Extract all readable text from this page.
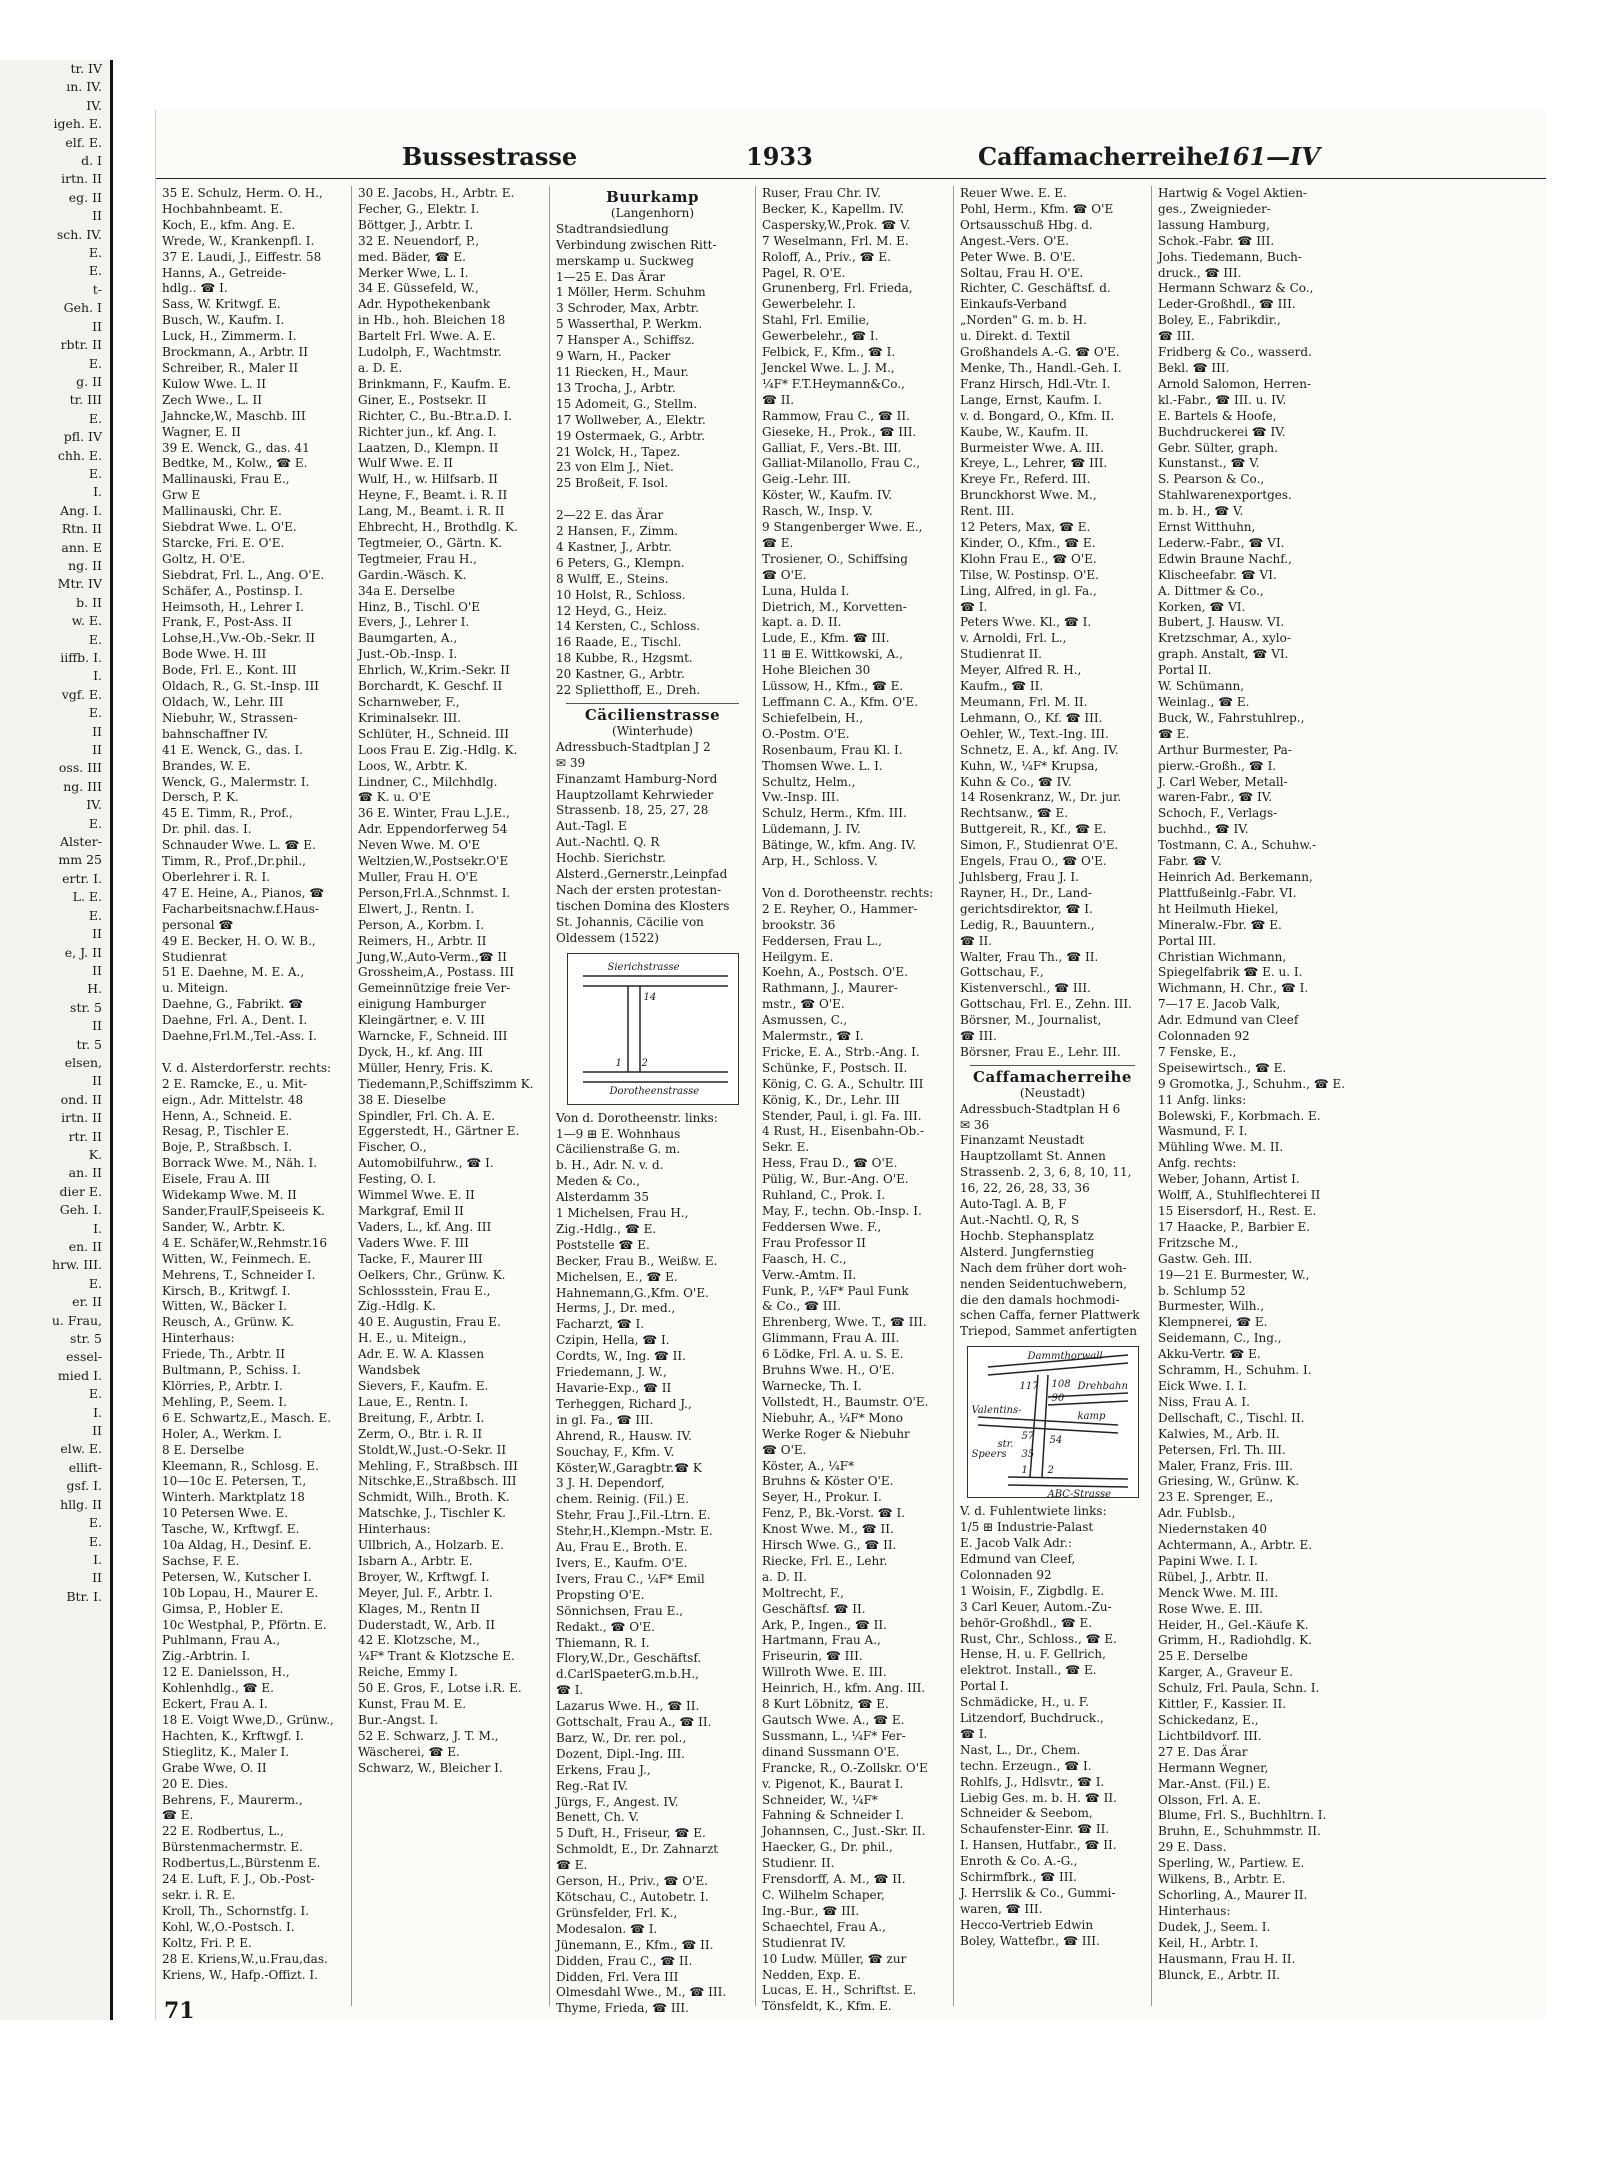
tr. IV
ın. IV.
IV.
igeh. E.
elf. E.
d. I
irtn. II
eg. II
II
sch. IV.
E.
E.
t-
Geh. I
II
rbtr. II
E.
g. II
tr. III
E.
pfl. IV
chh. E.
E.
I.
Ang. I.
Rtn. II
ann. E
ng. II
Mtr. IV
b. II
w. E.
E.
iiffb. I.
I.
vgf. E.
E.
II
II
oss. III
ng. III
IV.
E.
Alster-
mm 25
ertr. I.
L. E.
E.
II
e, J. II
II
H.
str. 5
II
tr. 5
elsen,
II
ond. II
irtn. II
rtr. II
K.
an. II
dier E.
Geh. I.
I.
en. II
hrw. III.
E.
er. II
u. Frau,
str. 5
essel-
mied I.
E.
I.
II
elw. E.
ellift-
gsf. I.
hllg. II
E.
E.
I.
II
Btr. I.
Bussestrasse	1933	Caffamacherreihe
161—IV
35 E. Schulz, Herm. O. H.,
Hochbahnbeamt. E.
Koch, E., kfm. Ang. E.
Wrede, W., Krankenpfl. I.
37 E. Laudi, J., Eiffestr. 58
Hanns, A., Getreide-
hdlg.. ☎ I.
Sass, W. Kritwgf. E.
Busch, W., Kaufm. I.
Luck, H., Zimmerm. I.
Brockmann, A., Arbtr. II
Schreiber, R., Maler II
Kulow Wwe. L. II
Zech Wwe., L. II
Jahncke,W., Maschb. III
Wagner, E. II
39 E. Wenck, G., das. 41
Bedtke, M., Kolw., ☎ E.
Mallinauski, Frau E.,
Grw E
Mallinauski, Chr. E.
Siebdrat Wwe. L. O'E.
Starcke, Fri. E. O'E.
Goltz, H. O'E.
Siebdrat, Frl. L., Ang. O'E.
Schäfer, A., Postinsp. I.
Heimsoth, H., Lehrer I.
Frank, F., Post-Ass. II
Lohse,H.,Vw.-Ob.-Sekr. II
Bode Wwe. H. III
Bode, Frl. E., Kont. III
Oldach, R., G. St.-Insp. III
Oldach, W., Lehr. III
Niebuhr, W., Strassen-
bahnschaffner IV.
41 E. Wenck, G., das. I.
Brandes, W. E.
Wenck, G., Malermstr. I.
Dersch, P. K.
45 E. Timm, R., Prof.,
Dr. phil. das. I.
Schnauder Wwe. L. ☎ E.
Timm, R., Prof.,Dr.phil.,
Oberlehrer i. R. I.
47 E. Heine, A., Pianos, ☎
Facharbeitsnachw.f.Haus-
personal ☎
49 E. Becker, H. O. W. B.,
Studienrat
51 E. Daehne, M. E. A.,
u. Miteign.
Daehne, G., Fabrikt. ☎
Daehne, Frl. A., Dent. I.
Daehne,Frl.M.,Tel.-Ass. I.

V. d. Alsterdorferstr. rechts:
2 E. Ramcke, E., u. Mit-
eign., Adr. Mittelstr. 48
Henn, A., Schneid. E.
Resag, P., Tischler E.
Boje, P., Straßbsch. I.
Borrack Wwe. M., Näh. I.
Eisele, Frau A. III
Widekamp Wwe. M. II
Sander,FraulF,Speiseeis K.
Sander, W., Arbtr. K.
4 E. Schäfer,W.,Rehmstr.16
Witten, W., Feinmech. E.
Mehrens, T., Schneider I.
Kirsch, B., Kritwgf. I.
Witten, W., Bäcker I.
Reusch, A., Grünw. K.
Hinterhaus:
Friede, Th., Arbtr. II
Bultmann, P., Schiss. I.
Klörries, P., Arbtr. I.
Mehling, P., Seem. I.
6 E. Schwartz,E., Masch. E.
Holer, A., Werkm. I.
8 E. Derselbe
Kleemann, R., Schlosg. E.
10—10c E. Petersen, T.,
Winterh. Marktplatz 18
10 Petersen Wwe. E.
Tasche, W., Krftwgf. E.
10a Aldag, H., Desinf. E.
Sachse, F. E.
Petersen, W., Kutscher I.
10b Lopau, H., Maurer E.
Gimsa, P., Hobler E.
10c Westphal, P., Pförtn. E.
Puhlmann, Frau A.,
Zig.-Arbtrin. I.
12 E. Danielsson, H.,
Kohlenhdlg., ☎ E.
Eckert, Frau A. I.
18 E. Voigt Wwe,D., Grünw.,
Hachten, K., Krftwgf. I.
Stieglitz, K., Maler I.
Grabe Wwe, O. II
20 E. Dies.
Behrens, F., Maurerm.,
☎ E.
22 E. Rodbertus, L.,
Bürstenmachermstr. E.
Rodbertus,L.,Bürstenm E.
24 E. Luft, F. J., Ob.-Post-
sekr. i. R. E.
Kroll, Th., Schornstfg. I.
Kohl, W.,O.-Postsch. I.
Koltz, Fri. P. E.
28 E. Kriens,W.,u.Frau,das.
Kriens, W., Hafp.-Offizt. I.
30 E. Jacobs, H., Arbtr. E.
Fecher, G., Elektr. I.
Böttger, J., Arbtr. I.
32 E. Neuendorf, P.,
med. Bäder, ☎ E.
Merker Wwe, L. I.
34 E. Güssefeld, W.,
Adr. Hypothekenbank
in Hb., hoh. Bleichen 18
Bartelt Frl. Wwe. A. E.
Ludolph, F., Wachtmstr.
a. D. E.
Brinkmann, F., Kaufm. E.
Giner, E., Postsekr. II
Richter, C., Bu.-Btr.a.D. I.
Richter jun., kf. Ang. I.
Laatzen, D., Klempn. II
Wulf Wwe. E. II
Wulf, H., w. Hilfsarb. II
Heyne, F., Beamt. i. R. II
Lang, M., Beamt. i. R. II
Ehbrecht, H., Brothdlg. K.
Tegtmeier, O., Gärtn. K.
Tegtmeier, Frau H.,
Gardin.-Wäsch. K.
34a E. Derselbe
Hinz, B., Tischl. O'E
Evers, J., Lehrer I.
Baumgarten, A.,
Just.-Ob.-Insp. I.
Ehrlich, W.,Krim.-Sekr. II
Borchardt, K. Geschf. II
Scharnweber, F.,
Kriminalsekr. III.
Schlüter, H., Schneid. III
Loos Frau E. Zig.-Hdlg. K.
Loos, W., Arbtr. K.
Lindner, C., Milchhdlg.
☎ K. u. O'E
36 E. Winter, Frau L.J.E.,
Adr. Eppendorferweg 54
Neven Wwe. M. O'E
Weltzien,W.,Postsekr.O'E
Muller, Frau H. O'E
Person,Frl.A.,Schnmst. I.
Elwert, J., Rentn. I.
Person, A., Korbm. I.
Reimers, H., Arbtr. II
Jung,W.,Auto-Verm.,☎ II
Grossheim,A., Postass. III
Gemeinnützige freie Ver-
einigung Hamburger
Kleingärtner, e. V. III
Warncke, F., Schneid. III
Dyck, H., kf. Ang. III
Müller, Henry, Fris. K.
Tiedemann,P.,Schiffszimm K.
38 E. Dieselbe
Spindler, Frl. Ch. A. E.
Eggerstedt, H., Gärtner E.
Fischer, O.,
Automobilfuhrw., ☎ I.
Festing, O. I.
Wimmel Wwe. E. II
Markgraf, Emil II
Vaders, L., kf. Ang. III
Vaders Wwe. F. III
Tacke, F., Maurer III
Oelkers, Chr., Grünw. K.
Schlossstein, Frau E.,
Zig.-Hdlg. K.
40 E. Augustin, Frau E.
H. E., u. Miteign.,
Adr. E. W. A. Klassen
Wandsbek
Sievers, F., Kaufm. E.
Laue, E., Rentn. I.
Breitung, F., Arbtr. I.
Zerm, O., Btr. i. R. II
Stoldt,W.,Just.-O-Sekr. II
Mehling, F., Straßbsch. III
Nitschke,E.,Straßbsch. III
Schmidt, Wilh., Broth. K.
Matschke, J., Tischler K.
Hinterhaus:
Ullbrich, A., Holzarb. E.
Isbarn A., Arbtr. E.
Broyer, W., Krftwgf. I.
Meyer, Jul. F., Arbtr. I.
Klages, M., Rentn II
Duderstadt, W., Arb. II
42 E. Klotzsche, M.,
¼F* Trant & Klotzsche E.
Reiche, Emmy I.
50 E. Gros, F., Lotse i.R. E.
Kunst, Frau M. E.
Bur.-Angst. I.
52 E. Schwarz, J. T. M.,
Wäscherei, ☎ E.
Schwarz, W., Bleicher I.
Buurkamp
(Langenhorn)
Stadtrandsiedlung
Verbindung zwischen Ritt-
merskamp u. Suckweg
1—25 E. Das Ärar
1 Möller, Herm. Schuhm
3 Schroder, Max, Arbtr.
5 Wasserthal, P. Werkm.
7 Hansper A., Schiffsz.
9 Warn, H., Packer
11 Riecken, H., Maur.
13 Trocha, J., Arbtr.
15 Adomeit, G., Stellm.
17 Wollweber, A., Elektr.
19 Ostermaek, G., Arbtr.
21 Wolck, H., Tapez.
23 von Elm J., Niet.
25 Broßeit, F. Isol.

2—22 E. das Ärar
2 Hansen, F., Zimm.
4 Kastner, J., Arbtr.
6 Peters, G., Klempn.
8 Wulff, E., Steins.
10 Holst, R., Schloss.
12 Heyd, G., Heiz.
14 Kersten, C., Schloss.
16 Raade, E., Tischl.
18 Kubbe, R., Hzgsmt.
20 Kastner, G., Arbtr.
22 Splietthoff, E., Dreh.
Cäcilienstrasse
(Winterhude)
Adressbuch-Stadtplan J 2
✉ 39
Finanzamt Hamburg-Nord
Hauptzollamt Kehrwieder
Strassenb. 18, 25, 27, 28
Aut.-Tagl. E
Aut.-Nachtl. Q. R
Hochb. Sierichstr.
Alsterd.,Gernerstr.,Leinpfad
Nach der ersten protestan-
tischen Domina des Klosters
St. Johannis, Cäcilie von
Oldessem (1522)
Sierichstrasse
14
1 2
Dorotheenstrasse
Von d. Dorotheenstr. links:
1—9 ⊞ E. Wohnhaus
Cäcilienstraße G. m.
b. H., Adr. N. v. d.
Meden & Co.,
Alsterdamm 35
1 Michelsen, Frau H.,
Zig.-Hdlg., ☎ E.
Poststelle ☎ E.
Becker, Frau B., Weißw. E.
Michelsen, E., ☎ E.
Hahnemann,G.,Kfm. O'E.
Herms, J., Dr. med.,
Facharzt, ☎ I.
Czipin, Hella, ☎ I.
Cordts, W., Ing. ☎ II.
Friedemann, J. W.,
Havarie-Exp., ☎ II
Terheggen, Richard J.,
in gl. Fa., ☎ III.
Ahrend, R., Hausw. IV.
Souchay, F., Kfm. V.
Köster,W.,Garagbtr.☎ K
3 J. H. Dependorf,
chem. Reinig. (Fil.) E.
Stehr, Frau J.,Fil.-Ltrn. E.
Stehr,H.,Klempn.-Mstr. E.
Au, Frau E., Broth. E.
Ivers, E., Kaufm. O'E.
Ivers, Frau C., ¼F* Emil
Propsting O'E.
Sönnichsen, Frau E.,
Redakt., ☎ O'E.
Thiemann, R. I.
Flory,W.,Dr., Geschäftsf.
d.CarlSpaeterG.m.b.H.,
☎ I.
Lazarus Wwe. H., ☎ II.
Gottschalt, Frau A., ☎ II.
Barz, W., Dr. rer. pol.,
Dozent, Dipl.-Ing. III.
Erkens, Frau J.,
Reg.-Rat IV.
Jürgs, F., Angest. IV.
Benett, Ch. V.
5 Duft, H., Friseur, ☎ E.
Schmoldt, E., Dr. Zahnarzt
☎ E.
Gerson, H., Priv., ☎ O'E.
Kötschau, C., Autobetr. I.
Grünsfelder, Frl. K.,
Modesalon. ☎ I.
Jünemann, E., Kfm., ☎ II.
Didden, Frau C., ☎ II.
Didden, Frl. Vera III
Olmesdahl Wwe., M., ☎ III.
Thyme, Frieda, ☎ III.
Ruser, Frau Chr. IV.
Becker, K., Kapellm. IV.
Caspersky,W.,Prok. ☎ V.
7 Weselmann, Frl. M. E.
Roloff, A., Priv., ☎ E.
Pagel, R. O'E.
Grunenberg, Frl. Frieda,
Gewerbelehr. I.
Stahl, Frl. Emilie,
Gewerbelehr., ☎ I.
Felbick, F., Kfm., ☎ I.
Jenckel Wwe. L. J. M.,
¼F* F.T.Heymann&Co.,
☎ II.
Rammow, Frau C., ☎ II.
Gieseke, H., Prok., ☎ III.
Galliat, F., Vers.-Bt. III.
Galliat-Milanollo, Frau C.,
Geig.-Lehr. III.
Köster, W., Kaufm. IV.
Rasch, W., Insp. V.
9 Stangenberger Wwe. E.,
☎ E.
Trosiener, O., Schiffsing
☎ O'E.
Luna, Hulda I.
Dietrich, M., Korvetten-
kapt. a. D. II.
Lude, E., Kfm. ☎ III.
11 ⊞ E. Wittkowski, A.,
Hohe Bleichen 30
Lüssow, H., Kfm., ☎ E.
Leffmann C. A., Kfm. O'E.
Schiefelbein, H.,
O.-Postm. O'E.
Rosenbaum, Frau Kl. I.
Thomsen Wwe. L. I.
Schultz, Helm.,
Vw.-Insp. III.
Schulz, Herm., Kfm. III.
Lüdemann, J. IV.
Bätinge, W., kfm. Ang. IV.
Arp, H., Schloss. V.

Von d. Dorotheenstr. rechts:
2 E. Reyher, O., Hammer-
brookstr. 36
Feddersen, Frau L.,
Heilgym. E.
Koehn, A., Postsch. O'E.
Rathmann, J., Maurer-
mstr., ☎ O'E.
Asmussen, C.,
Malermstr., ☎ I.
Fricke, E. A., Strb.-Ang. I.
Schünke, F., Postsch. II.
König, C. G. A., Schultr. III
König, K., Dr., Lehr. III
Stender, Paul, i. gl. Fa. III.
4 Rust, H., Eisenbahn-Ob.-
Sekr. E.
Hess, Frau D., ☎ O'E.
Pülig, W., Bur.-Ang. O'E.
Ruhland, C., Prok. I.
May, F., techn. Ob.-Insp. I.
Feddersen Wwe. F.,
Frau Professor II
Faasch, H. C.,
Verw.-Amtm. II.
Funk, P., ¼F* Paul Funk
& Co., ☎ III.
Ehrenberg, Wwe. T., ☎ III.
Glimmann, Frau A. III.
6 Lödke, Frl. A. u. S. E.
Bruhns Wwe. H., O'E.
Warnecke, Th. I.
Vollstedt, H., Baumstr. O'E.
Niebuhr, A., ¼F* Mono
Werke Roger & Niebuhr
☎ O'E.
Köster, A., ¼F*
Bruhns & Köster O'E.
Seyer, H., Prokur. I.
Fenz, P., Bk.-Vorst. ☎ I.
Knost Wwe. M., ☎ II.
Hirsch Wwe. G., ☎ II.
Riecke, Frl. E., Lehr.
a. D. II.
Moltrecht, F.,
Geschäftsf. ☎ II.
Ark, P., Ingen., ☎ II.
Hartmann, Frau A.,
Friseurin, ☎ III.
Willroth Wwe. E. III.
Heinrich, H., kfm. Ang. III.
8 Kurt Löbnitz, ☎ E.
Gautsch Wwe. A., ☎ E.
Sussmann, L., ¼F* Fer-
dinand Sussmann O'E.
Francke, R., O.-Zollskr. O'E
v. Pigenot, K., Baurat I.
Schneider, W., ¼F*
Fahning & Schneider I.
Johannsen, C., Just.-Skr. II.
Haecker, G., Dr. phil.,
Studienr. II.
Frensdorff, A. M., ☎ II.
C. Wilhelm Schaper,
Ing.-Bur., ☎ III.
Schaechtel, Frau A.,
Studienrat IV.
10 Ludw. Müller, ☎ zur
Nedden, Exp. E.
Lucas, E. H., Schriftst. E.
Tönsfeldt, K., Kfm. E.
Reuer Wwe. E. E.
Pohl, Herm., Kfm. ☎ O'E
Ortsausschuß Hbg. d.
Angest.-Vers. O'E.
Peter Wwe. B. O'E.
Soltau, Frau H. O'E.
Richter, C. Geschäftsf. d.
Einkaufs-Verband
„Norden" G. m. b. H.
u. Direkt. d. Textil
Großhandels A.-G. ☎ O'E.
Menke, Th., Handl.-Geh. I.
Franz Hirsch, Hdl.-Vtr. I.
Lange, Ernst, Kaufm. I.
v. d. Bongard, O., Kfm. II.
Kaube, W., Kaufm. II.
Burmeister Wwe. A. III.
Kreye, L., Lehrer, ☎ III.
Kreye Fr., Referd. III.
Brunckhorst Wwe. M.,
Rent. III.
12 Peters, Max, ☎ E.
Kinder, O., Kfm., ☎ E.
Klohn Frau E., ☎ O'E.
Tilse, W. Postinsp. O'E.
Ling, Alfred, in gl. Fa.,
☎ I.
Peters Wwe. Kl., ☎ I.
v. Arnoldi, Frl. L.,
Studienrat II.
Meyer, Alfred R. H.,
Kaufm., ☎ II.
Meumann, Frl. M. II.
Lehmann, O., Kf. ☎ III.
Oehler, W., Text.-Ing. III.
Schnetz, E. A., kf. Ang. IV.
Kuhn, W., ¼F* Krupsa,
Kuhn & Co., ☎ IV.
14 Rosenkranz, W., Dr. jur.
Rechtsanw., ☎ E.
Buttgereit, R., Kf., ☎ E.
Simon, F., Studienrat O'E.
Engels, Frau O., ☎ O'E.
Juhlsberg, Frau J. I.
Rayner, H., Dr., Land-
gerichtsdirektor, ☎ I.
Ledig, R., Bauuntern.,
☎ II.
Walter, Frau Th., ☎ II.
Gottschau, F.,
Kistenverschl., ☎ III.
Gottschau, Frl. E., Zehn. III.
Börsner, M., Journalist,
☎ III.
Börsner, Frau E., Lehr. III.
Caffamacherreihe
(Neustadt)
Adressbuch-Stadtplan H 6
✉ 36
Finanzamt Neustadt
Hauptzollamt St. Annen
Strassenb. 2, 3, 6, 8, 10, 11,
16, 22, 26, 28, 33, 36
Auto-Tagl. A. B, F
Aut.-Nachtl. Q, R, S
Hochb. Stephansplatz
Alsterd. Jungfernstieg
Nach dem früher dort woh-
nenden Seidentuchwebern,
die den damals hochmodi-
schen Caffa, ferner Plattwerk
Triepod, Sammet anfertigten
Dammthorwall
Drehbahn
Valentins-
kamp
Speers
str.
ABC-Strasse
117 108
90
57 54
35
1 2
V. d. Fuhlentwiete links:
1/5 ⊞ Industrie-Palast
E. Jacob Valk Adr.:
Edmund van Cleef,
Colonnaden 92
1 Woisin, F., Zigbdlg. E.
3 Carl Keuer, Autom.-Zu-
behör-Großhdl., ☎ E.
Rust, Chr., Schloss., ☎ E.
Hense, H. u. F. Gellrich,
elektrot. Install., ☎ E.
Portal I.
Schmädicke, H., u. F.
Litzendorf, Buchdruck.,
☎ I.
Nast, L., Dr., Chem.
techn. Erzeugn., ☎ I.
Rohlfs, J., Hdlsvtr., ☎ I.
Liebig Ges. m. b. H. ☎ II.
Schneider & Seebom,
Schaufenster-Einr. ☎ II.
I. Hansen, Hutfabr., ☎ II.
Enroth & Co. A.-G.,
Schirmfbrk., ☎ III.
J. Herrslik & Co., Gummi-
waren, ☎ III.
Hecco-Vertrieb Edwin
Boley, Wattefbr., ☎ III.
Hartwig & Vogel Aktien-
ges., Zweignieder-
lassung Hamburg,
Schok.-Fabr. ☎ III.
Johs. Tiedemann, Buch-
druck., ☎ III.
Hermann Schwarz & Co.,
Leder-Großhdl., ☎ III.
Boley, E., Fabrikdir.,
☎ III.
Fridberg & Co., wasserd.
Bekl. ☎ III.
Arnold Salomon, Herren-
kl.-Fabr., ☎ III. u. IV.
E. Bartels & Hoofe,
Buchdruckerei ☎ IV.
Gebr. Sülter, graph.
Kunstanst., ☎ V.
S. Pearson & Co.,
Stahlwarenexportges.
m. b. H., ☎ V.
Ernst Witthuhn,
Lederw.-Fabr., ☎ VI.
Edwin Braune Nachf.,
Klischeefabr. ☎ VI.
A. Dittmer & Co.,
Korken, ☎ VI.
Bubert, J. Hausw. VI.
Kretzschmar, A., xylo-
graph. Anstalt, ☎ VI.
Portal II.
W. Schümann,
Weinlag., ☎ E.
Buck, W., Fahrstuhlrep.,
☎ E.
Arthur Burmester, Pa-
pierw.-Großh., ☎ I.
J. Carl Weber, Metall-
waren-Fabr., ☎ IV.
Schoch, F., Verlags-
buchhd., ☎ IV.
Tostmann, C. A., Schuhw.-
Fabr. ☎ V.
Heinrich Ad. Berkemann,
Plattfußeinlg.-Fabr. VI.
ht Heilmuth Hiekel,
Mineralw.-Fbr. ☎ E.
Portal III.
Christian Wichmann,
Spiegelfabrik ☎ E. u. I.
Wichmann, H. Chr., ☎ I.
7—17 E. Jacob Valk,
Adr. Edmund van Cleef
Colonnaden 92
7 Fenske, E.,
Speisewirtsch., ☎ E.
9 Gromotka, J., Schuhm., ☎ E.
11 Anfg. links:
Bolewski, F., Korbmach. E.
Wasmund, F. I.
Mühling Wwe. M. II.
Anfg. rechts:
Weber, Johann, Artist I.
Wolff, A., Stuhlflechterei II
15 Eisersdorf, H., Rest. E.
17 Haacke, P., Barbier E.
Fritzsche M.,
Gastw. Geh. III.
19—21 E. Burmester, W.,
b. Schlump 52
Burmester, Wilh.,
Klempnerei, ☎ E.
Seidemann, C., Ing.,
Akku-Vertr. ☎ E.
Schramm, H., Schuhm. I.
Eick Wwe. I. I.
Niss, Frau A. I.
Dellschaft, C., Tischl. II.
Kalwies, M., Arb. II.
Petersen, Frl. Th. III.
Maler, Franz, Fris. III.
Griesing, W., Grünw. K.
23 E. Sprenger, E.,
Adr. Fublsb.,
Niedernstaken 40
Achtermann, A., Arbtr. E.
Papini Wwe. I. I.
Rübel, J., Arbtr. II.
Menck Wwe. M. III.
Rose Wwe. E. III.
Heider, H., Gel.-Käufe K.
Grimm, H., Radiohdlg. K.
25 E. Derselbe
Karger, A., Graveur E.
Schulz, Frl. Paula, Schn. I.
Kittler, F., Kassier. II.
Schickedanz, E.,
Lichtbildvorf. III.
27 E. Das Ärar
Hermann Wegner,
Mar.-Anst. (Fil.) E.
Olsson, Frl. A. E.
Blume, Frl. S., Buchhltrn. I.
Bruhn, E., Schuhmmstr. II.
29 E. Dass.
Sperling, W., Partiew. E.
Wilkens, B., Arbtr. E.
Schorling, A., Maurer II.
Hinterhaus:
Dudek, J., Seem. I.
Keil, H., Arbtr. I.
Hausmann, Frau H. II.
Blunck, E., Arbtr. II.
71
